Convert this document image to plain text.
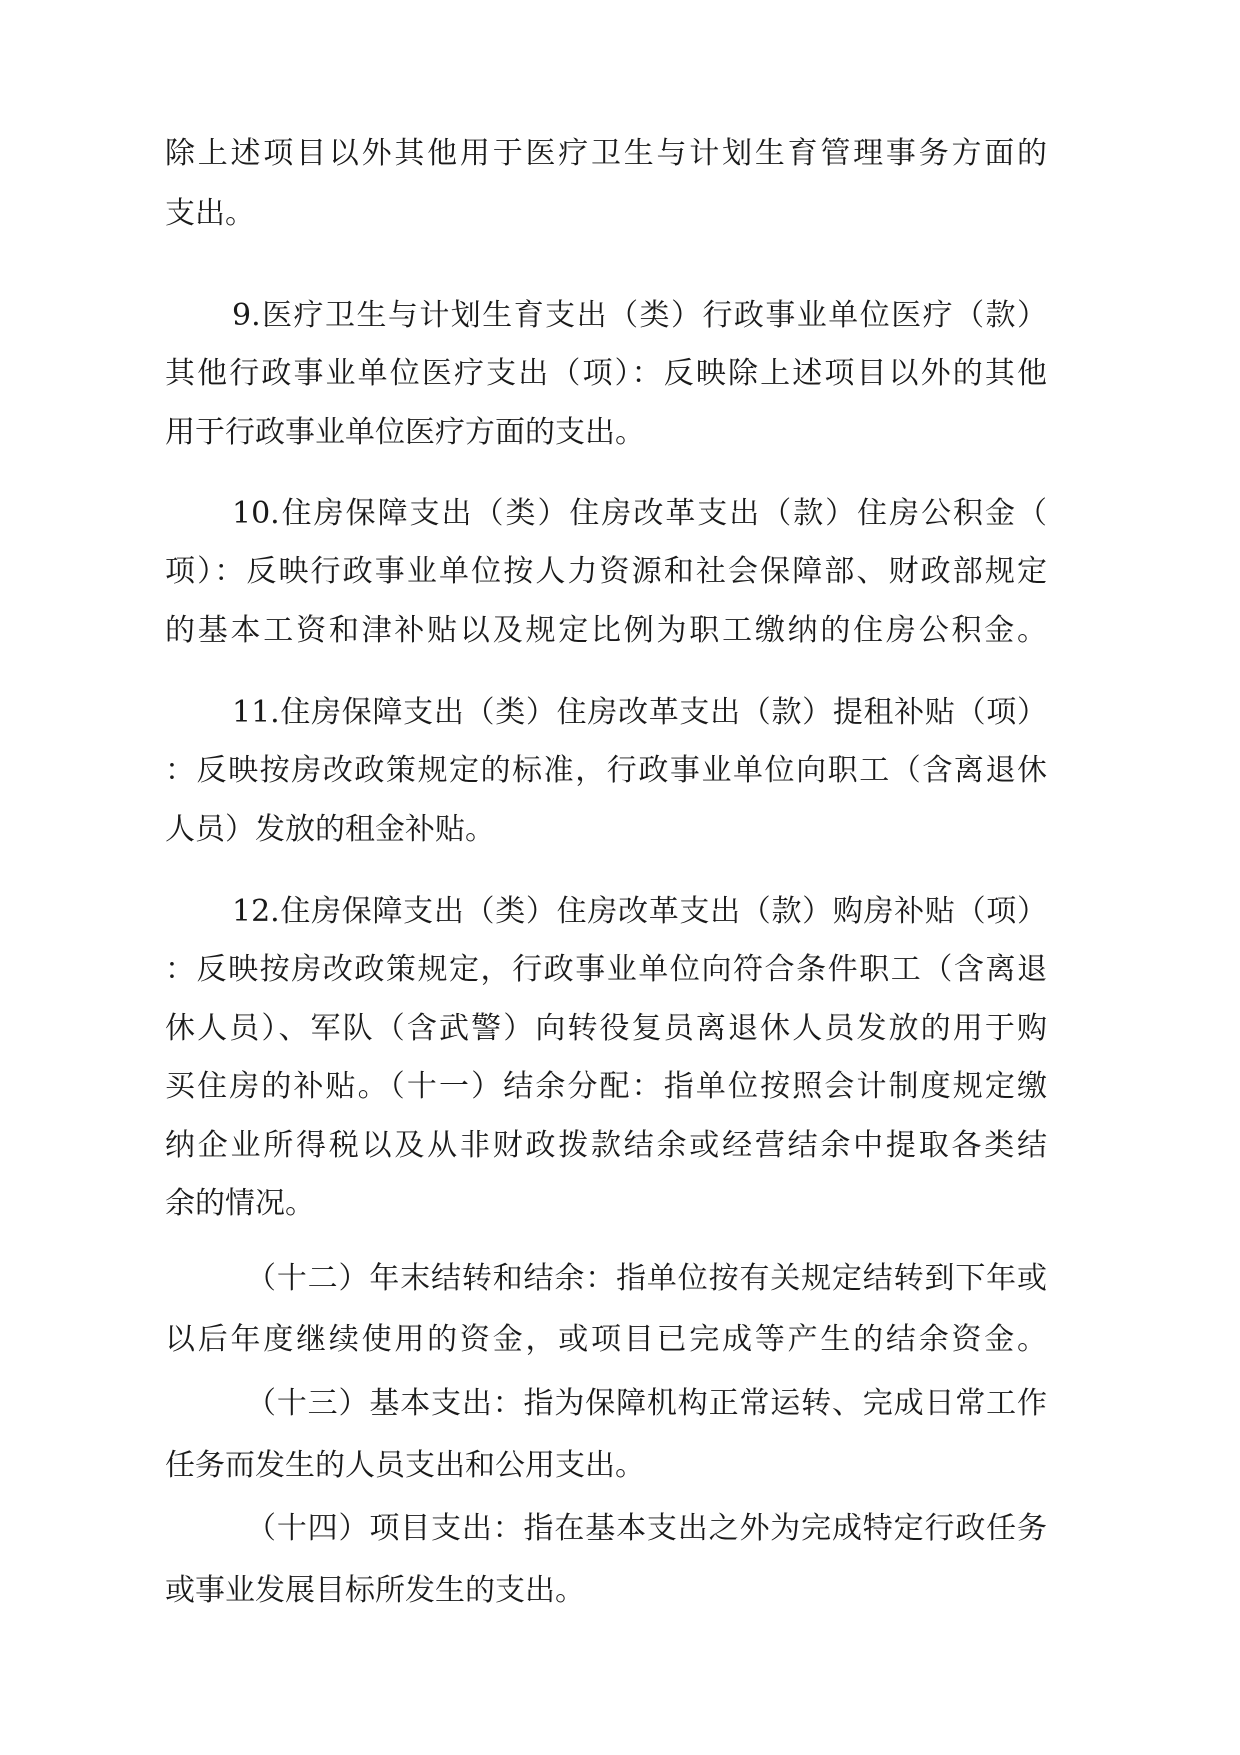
除上述项目以外其他用于医疗卫生与计划生育管理事务方面的
支出。
9.医疗卫生与计划生育支出（类）行政事业单位医疗（款）
其他行政事业单位医疗支出（项）：反映除上述项目以外的其他
用于行政事业单位医疗方面的支出。
10.住房保障支出（类）住房改革支出（款）住房公积金（
项）：反映行政事业单位按人力资源和社会保障部、财政部规定
的基本工资和津补贴以及规定比例为职工缴纳的住房公积金。
11.住房保障支出（类）住房改革支出（款）提租补贴（项）
：反映按房改政策规定的标准，行政事业单位向职工（含离退休
人员）发放的租金补贴。
12.住房保障支出（类）住房改革支出（款）购房补贴（项）
：反映按房改政策规定，行政事业单位向符合条件职工（含离退
休人员）、军队（含武警）向转役复员离退休人员发放的用于购
买住房的补贴。（十一）结余分配：指单位按照会计制度规定缴
纳企业所得税以及从非财政拨款结余或经营结余中提取各类结
余的情况。
（十二）年末结转和结余：指单位按有关规定结转到下年或
以后年度继续使用的资金，或项目已完成等产生的结余资金。
（十三）基本支出：指为保障机构正常运转、完成日常工作
任务而发生的人员支出和公用支出。
（十四）项目支出：指在基本支出之外为完成特定行政任务
或事业发展目标所发生的支出。
